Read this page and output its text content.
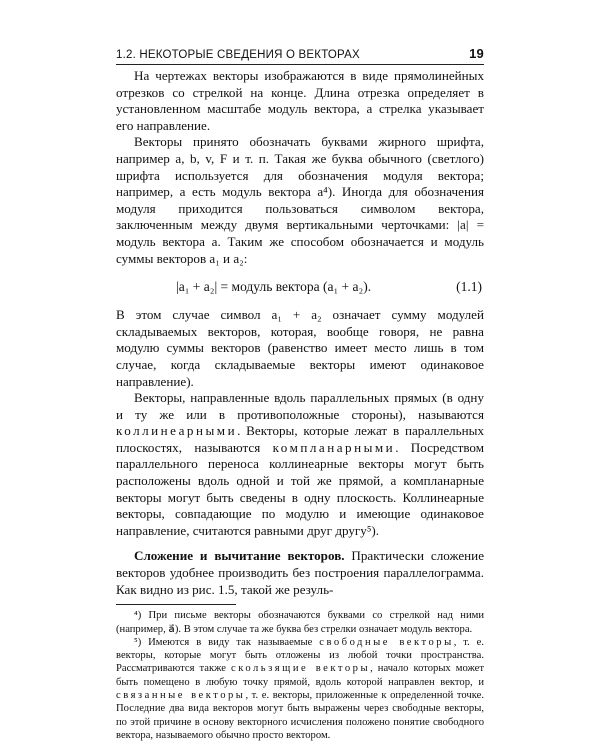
1.2. НЕКОТОРЫЕ СВЕДЕНИЯ О ВЕКТОРАХ	19

На чертежах векторы изображаются в виде прямолинейных отрезков со стрелкой на конце. Длина отрезка определяет в установленном масштабе модуль вектора, а стрелка указывает его направление.

Векторы принято обозначать буквами жирного шрифта, например a, b, v, F и т. п. Такая же буква обычного (светлого) шрифта используется для обозначения модуля вектора; например, a есть модуль вектора a⁴). Иногда для обозначения модуля приходится пользоваться символом вектора, заключенным между двумя вертикальными черточками: |a| = модуль вектора a. Таким же способом обозначается и модуль суммы векторов a₁ и a₂:

|a₁ + a₂| = модуль вектора (a₁ + a₂).	(1.1)

В этом случае символ a₁ + a₂ означает сумму модулей складываемых векторов, которая, вообще говоря, не равна модулю суммы векторов (равенство имеет место лишь в том случае, когда складываемые векторы имеют одинаковое направление).

Векторы, направленные вдоль параллельных прямых (в одну и ту же или в противоположные стороны), называются коллинеарными. Векторы, которые лежат в параллельных плоскостях, называются компланарными. Посредством параллельного переноса коллинеарные векторы могут быть расположены вдоль одной и той же прямой, а компланарные векторы могут быть сведены в одну плоскость. Коллинеарные векторы, совпадающие по модулю и имеющие одинаковое направление, считаются равными друг другу⁵).

Сложение и вычитание векторов. Практически сложение векторов удобнее производить без построения параллелограмма. Как видно из рис. 1.5, такой же резуль-

⁴) При письме векторы обозначаются буквами со стрелкой над ними (например, a⃗). В этом случае та же буква без стрелки означает модуль вектора.

⁵) Имеются в виду так называемые свободные векторы, т. е. векторы, которые могут быть отложены из любой точки пространства. Рассматриваются также скользящие векторы, начало которых может быть помещено в любую точку прямой, вдоль которой направлен вектор, и связанные векторы, т. е. векторы, приложенные к определенной точке. Последние два вида векторов могут быть выражены через свободные векторы, по этой причине в основу векторного исчисления положено понятие свободного вектора, называемого обычно просто вектором.
